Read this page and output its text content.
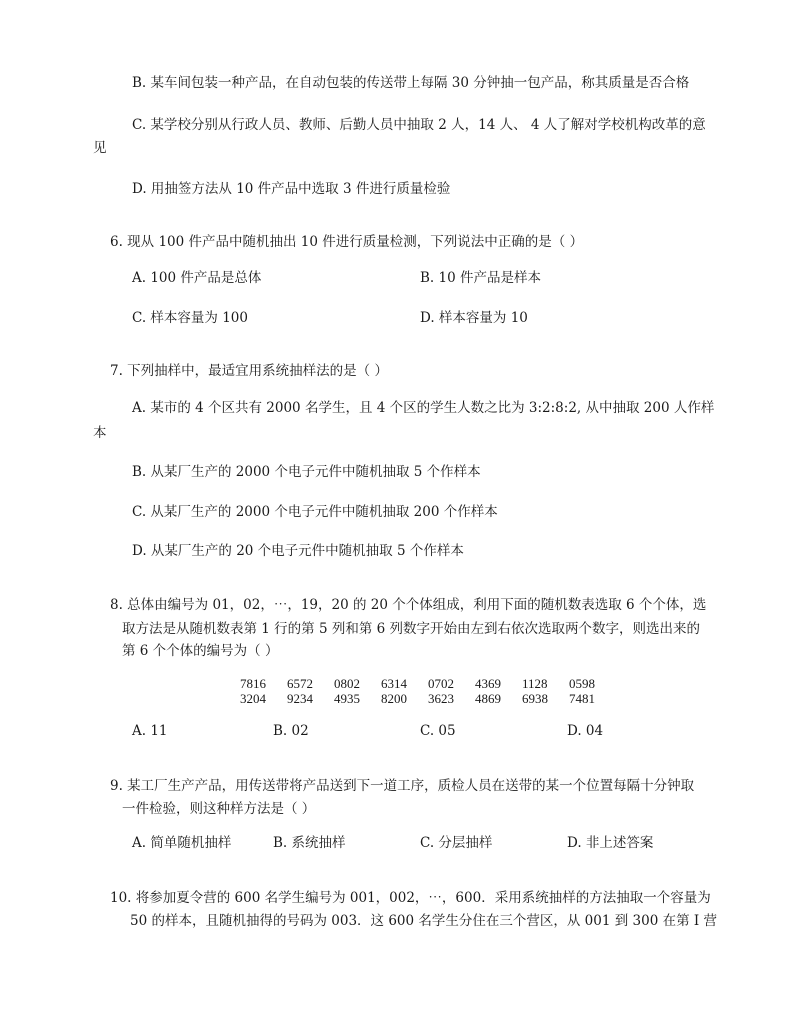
B. 某车间包装一种产品，在自动包装的传送带上每隔 30 分钟抽一包产品，称其质量是否合格
C. 某学校分别从行政人员、教师、后勤人员中抽取 2 人，14 人、 4 人了解对学校机构改革的意
见
D. 用抽签方法从 10 件产品中选取 3 件进行质量检验
6. 现从 100 件产品中随机抽出 10 件进行质量检测，下列说法中正确的是（ ）
A. 100 件产品是总体	B. 10 件产品是样本
C. 样本容量为 100	D. 样本容量为 10
7. 下列抽样中，最适宜用系统抽样法的是（ ）
A. 某市的 4 个区共有 2000 名学生，且 4 个区的学生人数之比为 3:2:8:2, 从中抽取 200 人作样
本
B. 从某厂生产的 2000 个电子元件中随机抽取 5 个作样本
C. 从某厂生产的 2000 个电子元件中随机抽取 200 个作样本
D. 从某厂生产的 20 个电子元件中随机抽取 5 个作样本
8. 总体由编号为 01，02，⋯，19，20 的 20 个个体组成，利用下面的随机数表选取 6 个个体，选
取方法是从随机数表第 1 行的第 5 列和第 6 列数字开始由左到右依次选取两个数字，则选出来的
第 6 个个体的编号为（ ）
7816	6572	0802	6314	0702	4369	1128	0598
3204	9234	4935	8200	3623	4869	6938	7481
A. 11	B. 02	C. 05	D. 04
9. 某工厂生产产品，用传送带将产品送到下一道工序，质检人员在送带的某一个位置每隔十分钟取
一件检验，则这种样方法是（ ）
A. 简单随机抽样	B. 系统抽样	C. 分层抽样	D. 非上述答案
10. 将参加夏令营的 600 名学生编号为 001，002，⋯，600．采用系统抽样的方法抽取一个容量为
50 的样本，且随机抽得的号码为 003．这 600 名学生分住在三个营区，从 001 到 300 在第 I 营
